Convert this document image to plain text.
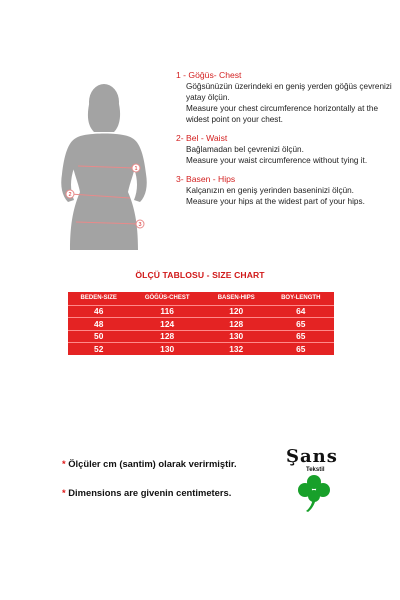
1
2
3
1 - Göğüs- Chest
Göğsünüzün üzerindeki en geniş yerden göğüs çevrenizi yatay ölçün.
Measure your chest circumference horizontally at the widest point on your chest.
2- Bel - Waist
Bağlamadan bel çevrenizi ölçün.
Measure your waist circumference without tying it.
3- Basen - Hips
Kalçanızın en geniş yerinden baseninizi ölçün.
Measure your hips at the widest part of your hips.
ÖLÇÜ TABLOSU - SIZE CHART
BEDEN-SIZE	GÖĞÜS-CHEST	BASEN-HIPS	BOY-LENGTH
46	116	120	64
48	124	128	65
50	128	130	65
52	130	132	65
* Ölçüler cm (santim) olarak verirmiştir.
* Dimensions are givenin centimeters.
Şans
Tekstil
